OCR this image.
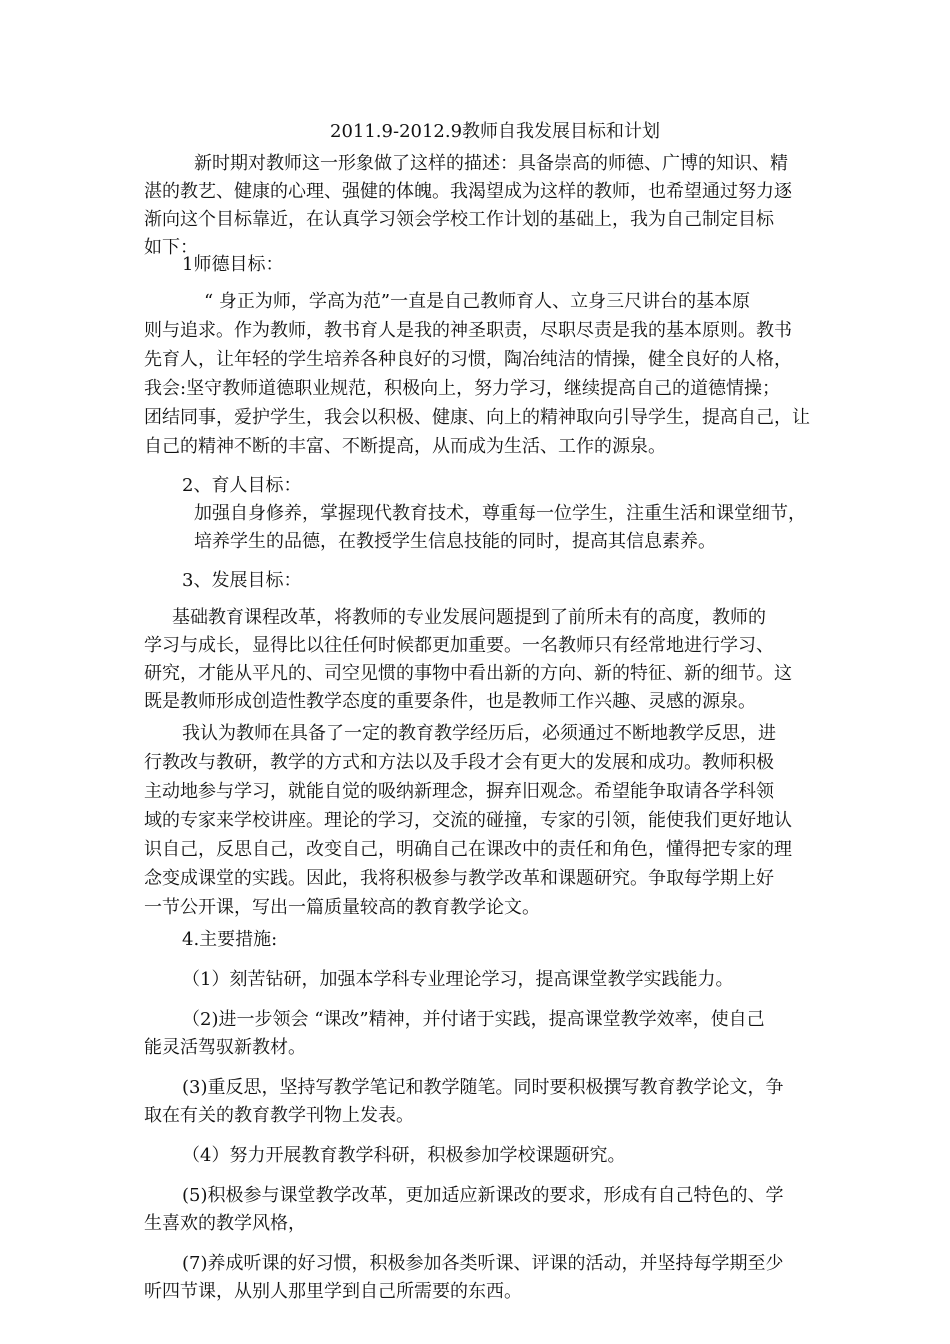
2011.9-2012.9教师自我发展目标和计划
新时期对教师这一形象做了这样的描述：具备崇高的师德、广博的知识、精
湛的教艺、健康的心理、强健的体魄。我渴望成为这样的教师，也希望通过努力逐
渐向这个目标靠近，在认真学习领会学校工作计划的基础上，我为自己制定目标
如下：
1师德目标：
“ 身正为师，学高为范”一直是自己教师育人、立身三尺讲台的基本原
则与追求。作为教师，教书育人是我的神圣职责，尽职尽责是我的基本原则。教书
先育人，让年轻的学生培养各种良好的习惯，陶冶纯洁的情操，健全良好的人格，
我会:坚守教师道德职业规范，积极向上，努力学习，继续提高自己的道德情操；
团结同事，爱护学生，我会以积极、健康、向上的精神取向引导学生，提高自己，让
自己的精神不断的丰富、不断提高，从而成为生活、工作的源泉。
2、育人目标：
加强自身修养，掌握现代教育技术，尊重每一位学生，注重生活和课堂细节，
培养学生的品德，在教授学生信息技能的同时，提高其信息素养。
3、发展目标：
基础教育课程改革，将教师的专业发展问题提到了前所未有的高度，教师的
学习与成长，显得比以往任何时候都更加重要。一名教师只有经常地进行学习、
研究，才能从平凡的、司空见惯的事物中看出新的方向、新的特征、新的细节。这
既是教师形成创造性教学态度的重要条件，也是教师工作兴趣、灵感的源泉。
我认为教师在具备了一定的教育教学经历后，必须通过不断地教学反思，进
行教改与教研，教学的方式和方法以及手段才会有更大的发展和成功。教师积极
主动地参与学习，就能自觉的吸纳新理念，摒弃旧观念。希望能争取请各学科领
域的专家来学校讲座。理论的学习，交流的碰撞，专家的引领，能使我们更好地认
识自己，反思自己，改变自己，明确自己在课改中的责任和角色，懂得把专家的理
念变成课堂的实践。因此，我将积极参与教学改革和课题研究。争取每学期上好
一节公开课，写出一篇质量较高的教育教学论文。
4.主要措施:
（1）刻苦钻研，加强本学科专业理论学习，提高课堂教学实践能力。
（2)进一步领会 “课改”精神，并付诸于实践，提高课堂教学效率，使自己
能灵活驾驭新教材。
(3)重反思，坚持写教学笔记和教学随笔。同时要积极撰写教育教学论文，争
取在有关的教育教学刊物上发表。
（4）努力开展教育教学科研，积极参加学校课题研究。
(5)积极参与课堂教学改革，更加适应新课改的要求，形成有自己特色的、学
生喜欢的教学风格，
(7)养成听课的好习惯，积极参加各类听课、评课的活动，并坚持每学期至少
听四节课，从别人那里学到自己所需要的东西。
